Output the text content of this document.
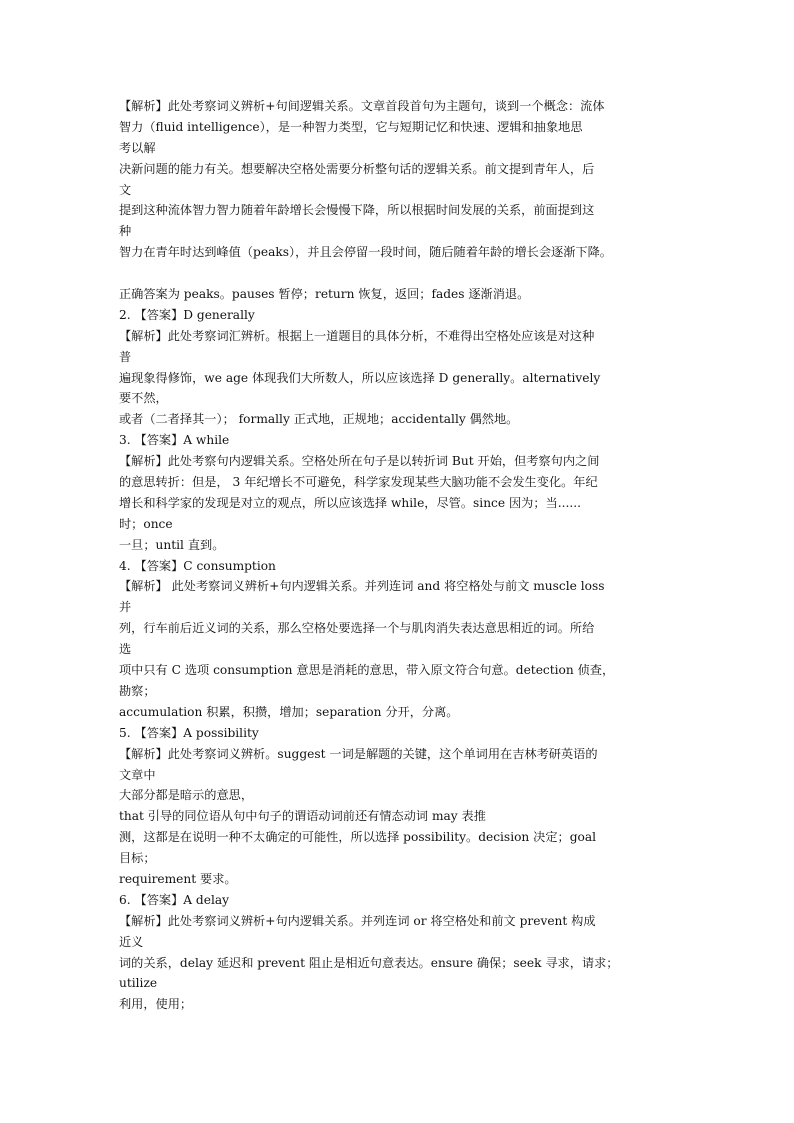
【解析】此处考察词义辨析+句间逻辑关系。文章首段首句为主题句，谈到一个概念：流体
智力（fluid intelligence），是一种智力类型，它与短期记忆和快速、逻辑和抽象地思
考以解
决新问题的能力有关。想要解决空格处需要分析整句话的逻辑关系。前文提到青年人，后
文
提到这种流体智力智力随着年龄增长会慢慢下降，所以根据时间发展的关系，前面提到这
种
智力在青年时达到峰值（peaks），并且会停留一段时间，随后随着年龄的增长会逐渐下降。
正确答案为 peaks。pauses 暂停；return 恢复，返回；fades 逐渐消退。
2. 【答案】D generally
【解析】此处考察词汇辨析。根据上一道题目的具体分析，不难得出空格处应该是对这种
普
遍现象得修饰，we age 体现我们大所数人，所以应该选择 D generally。alternatively
要不然，
或者（二者择其一）； formally 正式地，正规地；accidentally 偶然地。
3. 【答案】A while
【解析】此处考察句内逻辑关系。空格处所在句子是以转折词 But 开始，但考察句内之间
的意思转折：但是， 3 年纪增长不可避免，科学家发现某些大脑功能不会发生变化。年纪
增长和科学家的发现是对立的观点，所以应该选择 while，尽管。since 因为；当......
时；once
一旦；until 直到。
4. 【答案】C consumption
【解析】 此处考察词义辨析+句内逻辑关系。并列连词 and 将空格处与前文 muscle loss
并
列，行车前后近义词的关系，那么空格处要选择一个与肌肉消失表达意思相近的词。所给
选
项中只有 C 选项 consumption 意思是消耗的意思，带入原文符合句意。detection 侦查，
勘察；
accumulation 积累，积攒，增加；separation 分开，分离。
5. 【答案】A possibility
【解析】此处考察词义辨析。suggest 一词是解题的关键，这个单词用在吉林考研英语的
文章中
大部分都是暗示的意思，
that 引导的同位语从句中句子的谓语动词前还有情态动词 may 表推
测，这都是在说明一种不太确定的可能性，所以选择 possibility。decision 决定；goal
目标；
requirement 要求。
6. 【答案】A delay
【解析】此处考察词义辨析+句内逻辑关系。并列连词 or 将空格处和前文 prevent 构成
近义
词的关系，delay 延迟和 prevent 阻止是相近句意表达。ensure 确保；seek 寻求，请求；
utilize
利用，使用；
